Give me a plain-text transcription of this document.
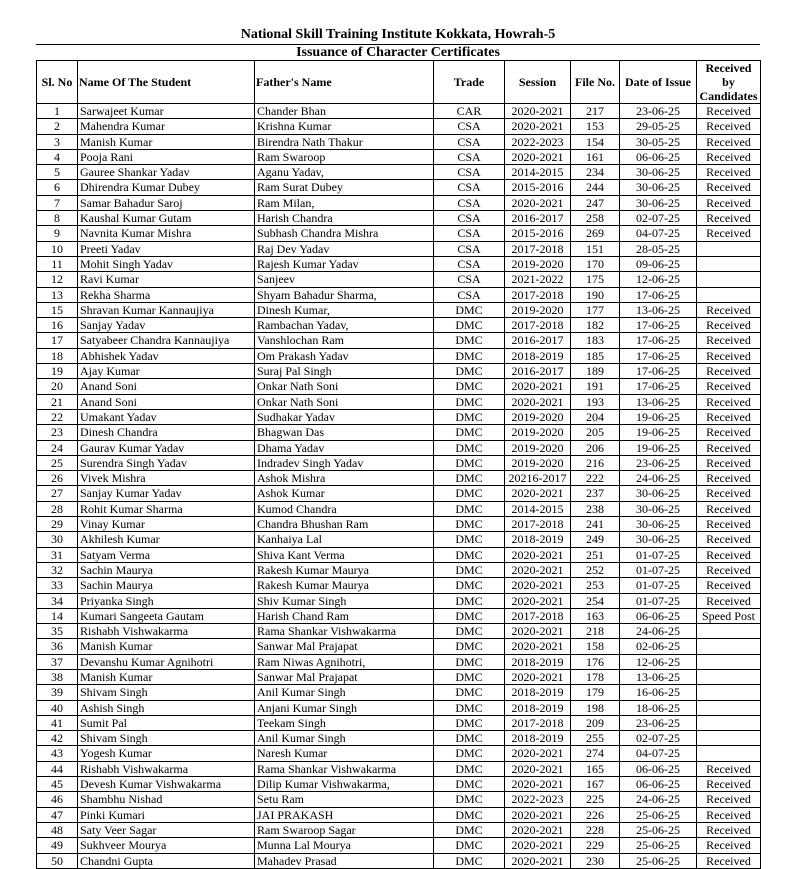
National Skill Training Institute Kokkata, Howrah-5
Issuance of Character Certificates
Sl. No	Name Of The Student	Father's Name	Trade	Session	File No.	Date of Issue	Received by Candidates
1	Sarwajeet Kumar	Chander Bhan	CAR	2020-2021	217	23-06-25	Received
2	Mahendra Kumar	Krishna Kumar	CSA	2020-2021	153	29-05-25	Received
3	Manish Kumar	Birendra Nath Thakur	CSA	2022-2023	154	30-05-25	Received
4	Pooja Rani	Ram Swaroop	CSA	2020-2021	161	06-06-25	Received
5	Gauree Shankar Yadav	Aganu Yadav,	CSA	2014-2015	234	30-06-25	Received
6	Dhirendra Kumar Dubey	Ram Surat Dubey	CSA	2015-2016	244	30-06-25	Received
7	Samar Bahadur Saroj	Ram Milan,	CSA	2020-2021	247	30-06-25	Received
8	Kaushal Kumar Gutam	Harish Chandra	CSA	2016-2017	258	02-07-25	Received
9	Navnita Kumar Mishra	Subhash Chandra Mishra	CSA	2015-2016	269	04-07-25	Received
10	Preeti Yadav	Raj Dev Yadav	CSA	2017-2018	151	28-05-25	
11	Mohit Singh Yadav	Rajesh Kumar Yadav	CSA	2019-2020	170	09-06-25	
12	Ravi Kumar	Sanjeev	CSA	2021-2022	175	12-06-25	
13	Rekha Sharma	Shyam Bahadur Sharma,	CSA	2017-2018	190	17-06-25	
15	Shravan Kumar Kannaujiya	Dinesh Kumar,	DMC	2019-2020	177	13-06-25	Received
16	Sanjay Yadav	Rambachan Yadav,	DMC	2017-2018	182	17-06-25	Received
17	Satyabeer Chandra Kannaujiya	Vanshlochan Ram	DMC	2016-2017	183	17-06-25	Received
18	Abhishek Yadav	Om Prakash Yadav	DMC	2018-2019	185	17-06-25	Received
19	Ajay Kumar	Suraj Pal Singh	DMC	2016-2017	189	17-06-25	Received
20	Anand Soni	Onkar Nath Soni	DMC	2020-2021	191	17-06-25	Received
21	Anand Soni	Onkar Nath Soni	DMC	2020-2021	193	13-06-25	Received
22	Umakant Yadav	Sudhakar Yadav	DMC	2019-2020	204	19-06-25	Received
23	Dinesh Chandra	Bhagwan Das	DMC	2019-2020	205	19-06-25	Received
24	Gaurav Kumar Yadav	Dhama Yadav	DMC	2019-2020	206	19-06-25	Received
25	Surendra Singh Yadav	Indradev Singh Yadav	DMC	2019-2020	216	23-06-25	Received
26	Vivek Mishra	Ashok Mishra	DMC	20216-2017	222	24-06-25	Received
27	Sanjay Kumar Yadav	Ashok Kumar	DMC	2020-2021	237	30-06-25	Received
28	Rohit Kumar Sharma	Kumod Chandra	DMC	2014-2015	238	30-06-25	Received
29	Vinay Kumar	Chandra Bhushan Ram	DMC	2017-2018	241	30-06-25	Received
30	Akhilesh Kumar	Kanhaiya Lal	DMC	2018-2019	249	30-06-25	Received
31	Satyam Verma	Shiva Kant Verma	DMC	2020-2021	251	01-07-25	Received
32	Sachin Maurya	Rakesh Kumar Maurya	DMC	2020-2021	252	01-07-25	Received
33	Sachin Maurya	Rakesh Kumar Maurya	DMC	2020-2021	253	01-07-25	Received
34	Priyanka Singh	Shiv Kumar Singh	DMC	2020-2021	254	01-07-25	Received
14	Kumari Sangeeta Gautam	Harish Chand Ram	DMC	2017-2018	163	06-06-25	Speed Post
35	Rishabh Vishwakarma	Rama Shankar Vishwakarma	DMC	2020-2021	218	24-06-25	
36	Manish Kumar	Sanwar Mal Prajapat	DMC	2020-2021	158	02-06-25	
37	Devanshu Kumar Agnihotri	Ram Niwas Agnihotri,	DMC	2018-2019	176	12-06-25	
38	Manish Kumar	Sanwar Mal Prajapat	DMC	2020-2021	178	13-06-25	
39	Shivam Singh	Anil Kumar Singh	DMC	2018-2019	179	16-06-25	
40	Ashish Singh	Anjani Kumar Singh	DMC	2018-2019	198	18-06-25	
41	Sumit Pal	Teekam Singh	DMC	2017-2018	209	23-06-25	
42	Shivam Singh	Anil Kumar Singh	DMC	2018-2019	255	02-07-25	
43	Yogesh Kumar	Naresh Kumar	DMC	2020-2021	274	04-07-25	
44	Rishabh Vishwakarma	Rama Shankar Vishwakarma	DMC	2020-2021	165	06-06-25	Received
45	Devesh Kumar Vishwakarma	Dilip Kumar Vishwakarma,	DMC	2020-2021	167	06-06-25	Received
46	Shambhu Nishad	Setu Ram	DMC	2022-2023	225	24-06-25	Received
47	Pinki Kumari	JAI PRAKASH	DMC	2020-2021	226	25-06-25	Received
48	Saty Veer Sagar	Ram Swaroop Sagar	DMC	2020-2021	228	25-06-25	Received
49	Sukhveer Mourya	Munna Lal Mourya	DMC	2020-2021	229	25-06-25	Received
50	Chandni Gupta	Mahadev Prasad	DMC	2020-2021	230	25-06-25	Received
